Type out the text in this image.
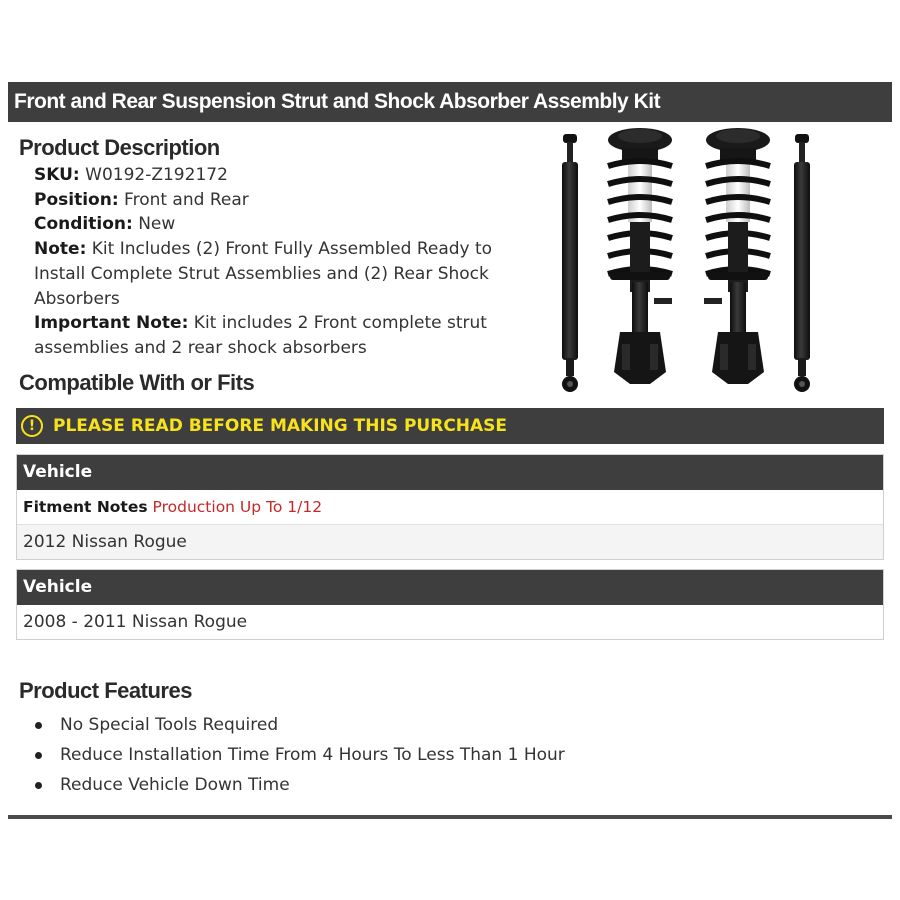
Front and Rear Suspension Strut and Shock Absorber Assembly Kit
Product Description
SKU: W0192-Z192172
Position: Front and Rear
Condition: New
Note: Kit Includes (2) Front Fully Assembled Ready to Install Complete Strut Assemblies and (2) Rear Shock Absorbers
Important Note: Kit includes 2 Front complete strut assemblies and 2 rear shock absorbers
Compatible With or Fits
!	PLEASE READ BEFORE MAKING THIS PURCHASE
Vehicle
Fitment Notes Production Up To 1/12
2012 Nissan Rogue
Vehicle
2008 - 2011 Nissan Rogue
Product Features
No Special Tools Required
Reduce Installation Time From 4 Hours To Less Than 1 Hour
Reduce Vehicle Down Time
